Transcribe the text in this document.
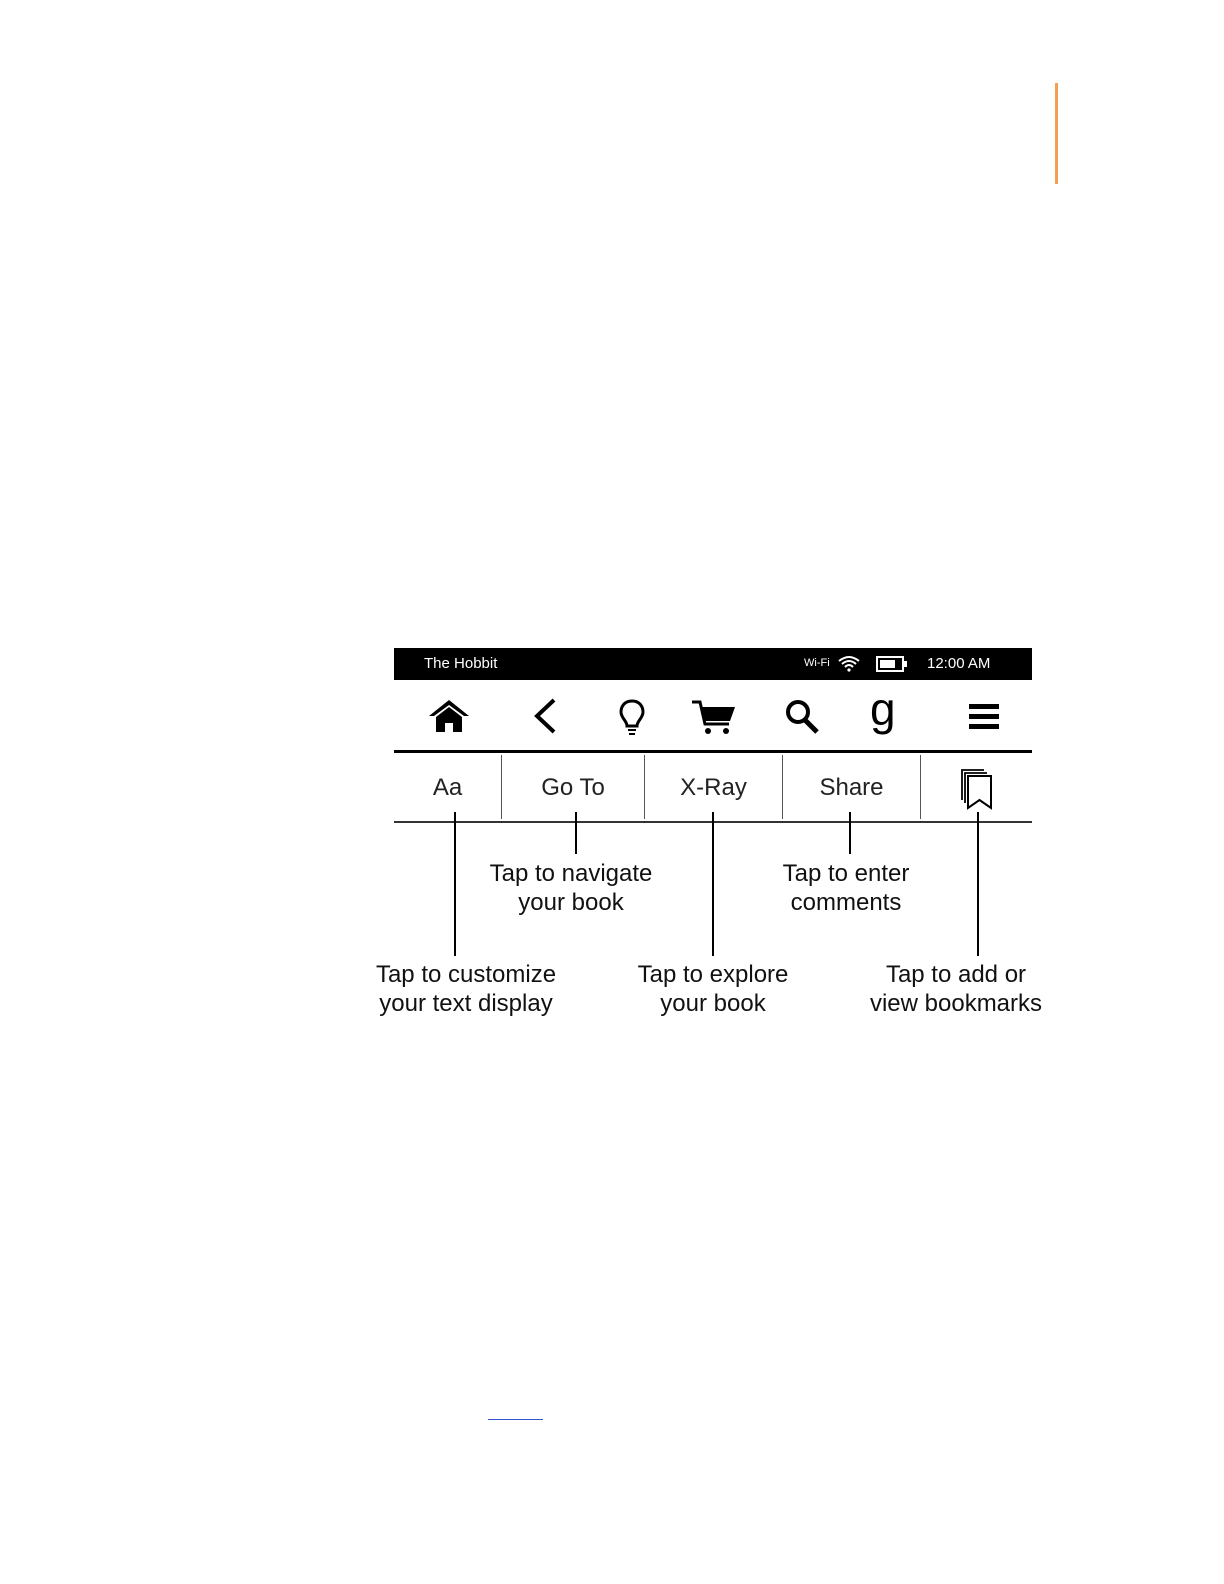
The Hobbit	Wi-Fi	12:00 AM
g
Aa	Go To	X-Ray	Share
Tap to navigate
your book
Tap to enter
comments
Tap to customize
your text display
Tap to explore
your book
Tap to add or
view bookmarks
